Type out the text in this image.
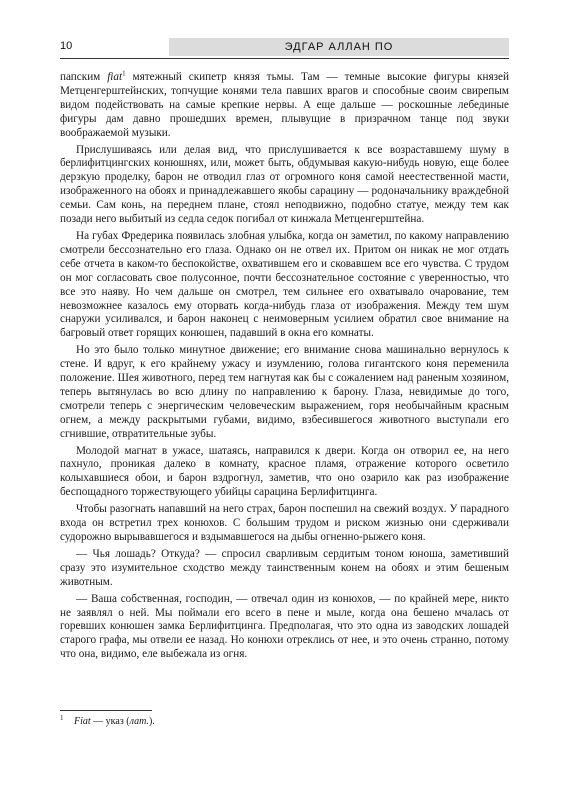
10	ЭДГАР АЛЛАН ПО

папским fiat$^1$ мятежный скипетр князя тьмы. Там — темные высокие фигуры князей Метценгерштейнских, топчущие конями тела павших врагов и способные своим свирепым видом подействовать на самые крепкие нервы. А еще дальше — роскошные лебединые фигуры дам давно прошедших времен, плывущие в призрачном танце под звуки воображаемой музыки.

Прислушиваясь или делая вид, что прислушивается к все возраставшему шуму в берлифитцингских конюшнях, или, может быть, обдумывая какую-нибудь новую, еще более дерзкую проделку, барон не отводил глаз от огромного коня самой неестественной масти, изображенного на обоях и принадлежавшего якобы сарацину — родоначальнику враждебной семьи. Сам конь, на переднем плане, стоял неподвижно, подобно статуе, между тем как позади него выбитый из седла седок погибал от кинжала Метценгерштейна.

На губах Фредерика появилась злобная улыбка, когда он заметил, по какому направлению смотрели бессознательно его глаза. Однако он не отвел их. Притом он никак не мог отдать себе отчета в каком-то беспокойстве, охватившем его и сковавшем все его чувства. С трудом он мог согласовать свое полусонное, почти бессознательное состояние с уверенностью, что все это наяву. Но чем дальше он смотрел, тем сильнее его охватывало очарование, тем невозможнее казалось ему оторвать когда-нибудь глаза от изображения. Между тем шум снаружи усиливался, и барон наконец с неимоверным усилием обратил свое внимание на багровый ответ горящих конюшен, падавший в окна его комнаты.

Но это было только минутное движение; его внимание снова машинально вернулось к стене. И вдруг, к его крайнему ужасу и изумлению, голова гигантского коня переменила положение. Шея животного, перед тем нагнутая как бы с сожалением над раненым хозяином, теперь вытянулась во всю длину по направлению к барону. Глаза, невидимые до того, смотрели теперь с энергическим человеческим выражением, горя необычайным красным огнем, а между раскрытыми губами, видимо, взбесившегося животного выступали его сгнившие, отвратительные зубы.

Молодой магнат в ужасе, шатаясь, направился к двери. Когда он отворил ее, на него пахнуло, проникая далеко в комнату, красное пламя, отражение которого осветило колыхавшиеся обои, и барон вздрогнул, заметив, что оно озарило как раз изображение беспощадного торжествующего убийцы сарацина Берлифитцинга.

Чтобы разогнать напавший на него страх, барон поспешил на свежий воздух. У парадного входа он встретил трех конюхов. С большим трудом и риском жизнью они сдерживали судорожно вырывавшегося и вздымавшегося на дыбы огненно-рыжего коня.

— Чья лошадь? Откуда? — спросил сварливым сердитым тоном юноша, заметивший сразу это изумительное сходство между таинственным конем на обоях и этим бешеным животным.

— Ваша собственная, господин, — отвечал один из конюхов, — по крайней мере, никто не заявлял о ней. Мы поймали его всего в пене и мыле, когда она бешено мчалась от горевших конюшен замка Берлифитцинга. Предполагая, что это одна из заводских лошадей старого графа, мы отвели ее назад. Но конюхи отреклись от нее, и это очень странно, потому что она, видимо, еле выбежала из огня.

1 Fiat — указ (лат.).
